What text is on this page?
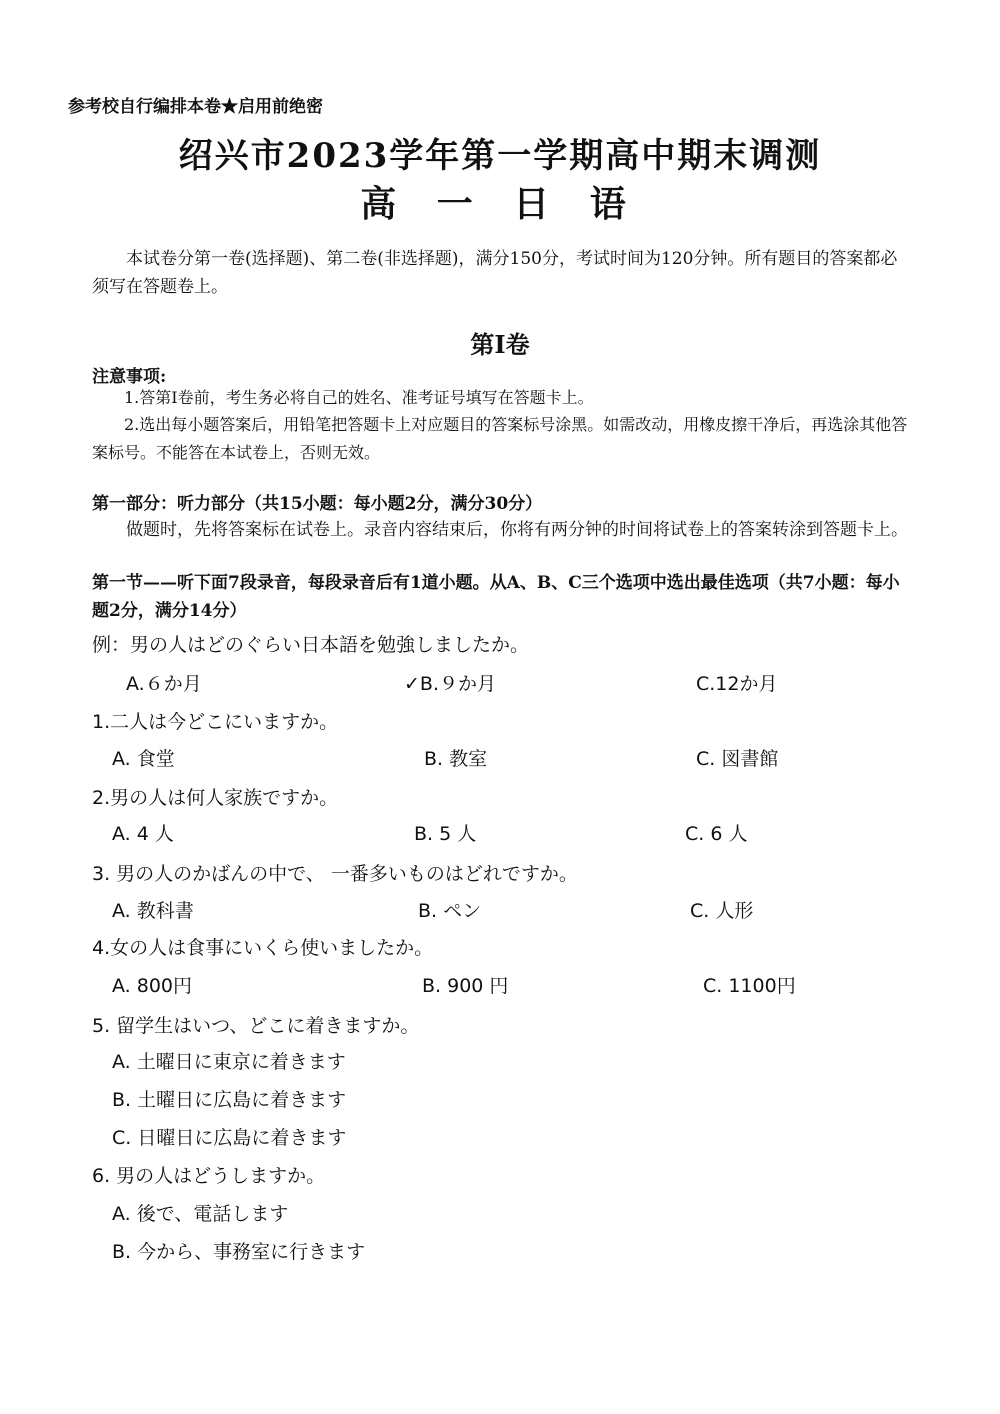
参考校自行编排本卷★启用前绝密
绍兴市2023学年第一学期高中期末调测
高 一 日 语
本试卷分第一卷(选择题)、第二卷(非选择题)，满分150分，考试时间为120分钟。所有题目的答案都必须写在答题卷上。
第I卷
注意事项:
1.答第I卷前，考生务必将自己的姓名、准考证号填写在答题卡上。
2.选出每小题答案后，用铅笔把答题卡上对应题目的答案标号涂黑。如需改动，用橡皮擦干净后，再选涂其他答案标号。不能答在本试卷上，否则无效。
第一部分：听力部分（共15小题：每小题2分，满分30分）
做题时，先将答案标在试卷上。录音内容结束后，你将有两分钟的时间将试卷上的答案转涂到答题卡上。
第一节——听下面7段录音，每段录音后有1道小题。从A、B、C三个选项中选出最佳选项（共7小题：每小题2分，满分14分）
例：男の人はどのぐらい日本語を勉強しましたか。
A.６か月	✓B.９か月	C.12か月
1.二人は今どこにいますか。
A. 食堂	B. 教室	C. 図書館
2.男の人は何人家族ですか。
A. 4 人	B. 5 人	C. 6 人
3. 男の人のかばんの中で、 一番多いものはどれですか。
A. 教科書	B. ペン	C. 人形
4.女の人は食事にいくら使いましたか。
A. 800円	B. 900 円	C. 1100円
5. 留学生はいつ、どこに着きますか。
A. 土曜日に東京に着きます
B. 土曜日に広島に着きます
C. 日曜日に広島に着きます
6. 男の人はどうしますか。
A. 後で、電話します
B. 今から、事務室に行きます
